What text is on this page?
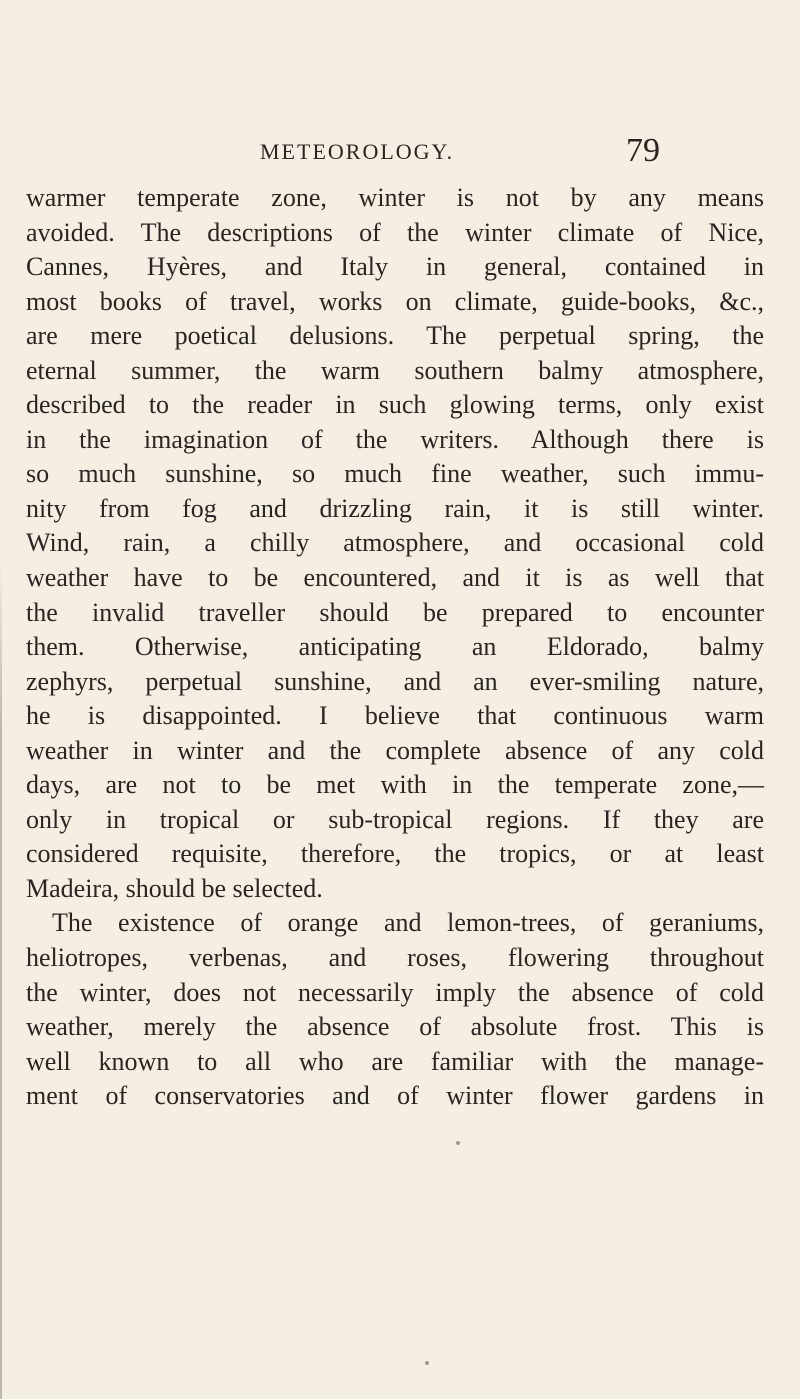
METEOROLOGY.	79
warmer temperate zone, winter is not by any means
avoided. The descriptions of the winter climate of Nice,
Cannes, Hyères, and Italy in general, contained in
most books of travel, works on climate, guide-books, &c.,
are mere poetical delusions. The perpetual spring, the
eternal summer, the warm southern balmy atmosphere,
described to the reader in such glowing terms, only exist
in the imagination of the writers. Although there is
so much sunshine, so much fine weather, such immu-
nity from fog and drizzling rain, it is still winter.
Wind, rain, a chilly atmosphere, and occasional cold
weather have to be encountered, and it is as well that
the invalid traveller should be prepared to encounter
them. Otherwise, anticipating an Eldorado, balmy
zephyrs, perpetual sunshine, and an ever-smiling nature,
he is disappointed. I believe that continuous warm
weather in winter and the complete absence of any cold
days, are not to be met with in the temperate zone,—
only in tropical or sub-tropical regions. If they are
considered requisite, therefore, the tropics, or at least
Madeira, should be selected.
The existence of orange and lemon-trees, of geraniums,
heliotropes, verbenas, and roses, flowering throughout
the winter, does not necessarily imply the absence of cold
weather, merely the absence of absolute frost. This is
well known to all who are familiar with the manage-
ment of conservatories and of winter flower gardens in
